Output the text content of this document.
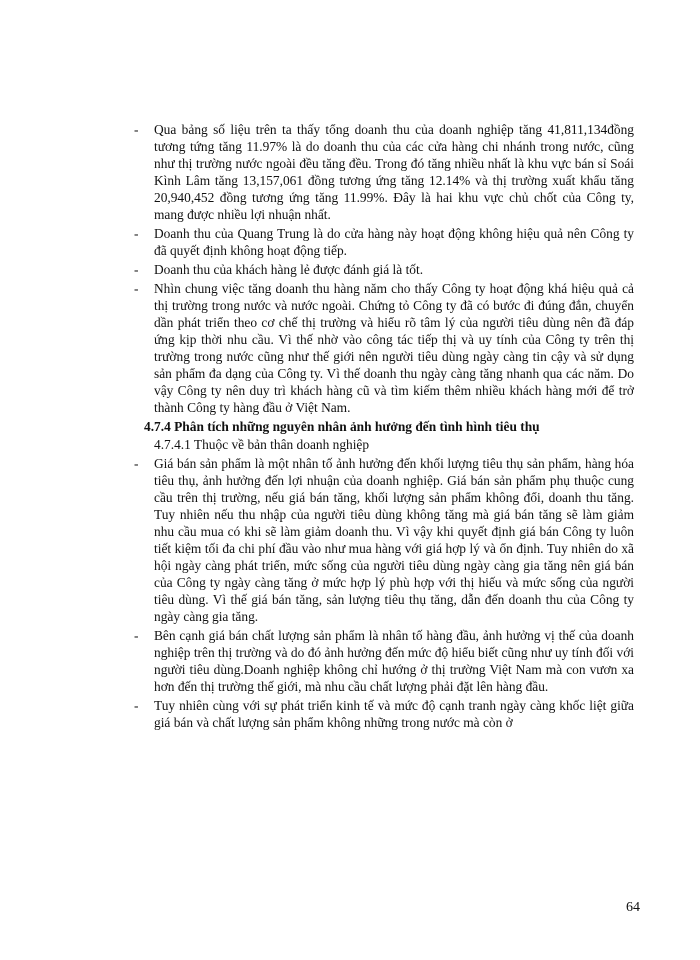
-	Qua bảng số liệu trên ta thấy tổng doanh thu của doanh nghiệp tăng 41,811,134đồng tương tứng tăng 11.97% là do doanh thu của các cửa hàng chi nhánh trong nước, cũng như thị trường nước ngoài đều tăng đều. Trong đó tăng nhiều nhất là khu vực bán sỉ Soái Kình Lâm tăng 13,157,061 đồng tương ứng tăng 12.14% và thị trường xuất khẩu tăng 20,940,452 đồng tương ứng tăng 11.99%. Đây là hai khu vực chủ chốt của Công ty, mang được nhiều lợi nhuận nhất.
-	Doanh thu của Quang Trung là do cửa hàng này hoạt động không hiệu quả nên Công ty đã quyết định không hoạt động tiếp.
-	Doanh thu của khách hàng lẻ được đánh giá là tốt.
-	Nhìn chung việc tăng doanh thu hàng năm cho thấy Công ty hoạt động khá hiệu quả cả thị trường trong nước và nước ngoài. Chứng tỏ Công ty đã có bước đi đúng đắn, chuyển dần phát triển theo cơ chế thị trường và hiểu rõ tâm lý của người tiêu dùng nên đã đáp ứng kịp thời nhu cầu. Vì thế nhờ vào công tác tiếp thị và uy tính của Công ty trên thị trường trong nước cũng như thế giới nên người tiêu dùng ngày càng tin cậy và sử dụng sản phẩm đa dạng của Công ty. Vì thế doanh thu ngày càng tăng nhanh qua các năm. Do vậy Công ty nên duy trì khách hàng cũ và tìm kiếm thêm nhiều khách hàng mới để trở thành Công ty hàng đầu ở Việt Nam.
4.7.4 Phân tích những nguyên nhân ảnh hưởng đến tình hình tiêu thụ
4.7.4.1 Thuộc về bản thân doanh nghiệp
-	Giá bán sản phẩm là một nhân tố ảnh hưởng đến khối lượng tiêu thụ sản phẩm, hàng hóa tiêu thụ, ảnh hưởng đến lợi nhuận của doanh nghiệp. Giá bán sản phẩm phụ thuộc cung cầu trên thị trường, nếu giá bán tăng, khối lượng sản phẩm không đổi, doanh thu tăng. Tuy nhiên nếu thu nhập của người tiêu dùng không tăng mà giá bán tăng sẽ làm giảm nhu cầu mua có khi sẽ làm giảm doanh thu. Vì vậy khi quyết định giá bán Công ty luôn tiết kiệm tối đa chi phí đầu vào như mua hàng với giá hợp lý và ổn định. Tuy nhiên do xã hội ngày càng phát triển, mức sống của người tiêu dùng ngày càng gia tăng nên giá bán của Công ty ngày càng tăng ở mức hợp lý phù hợp với thị hiếu và mức sống của người tiêu dùng. Vì thế giá bán tăng, sản lượng tiêu thụ tăng, dẫn đến doanh thu của Công ty ngày càng gia tăng.
-	Bên cạnh giá bán chất lượng sản phẩm là nhân tố hàng đầu, ảnh hưởng vị thế của doanh nghiệp trên thị trường và do đó ảnh hưởng đến mức độ hiểu biết cũng như uy tính đối với người tiêu dùng.Doanh nghiệp không chỉ hướng ở thị trường Việt Nam mà con vươn xa hơn đến thị trường thế giới, mà nhu cầu chất lượng phải đặt lên hàng đầu.
-	Tuy nhiên cùng với sự phát triển kinh tế và mức độ cạnh tranh ngày càng khốc liệt giữa giá bán và chất lượng sản phẩm không những trong nước mà còn ở
64
